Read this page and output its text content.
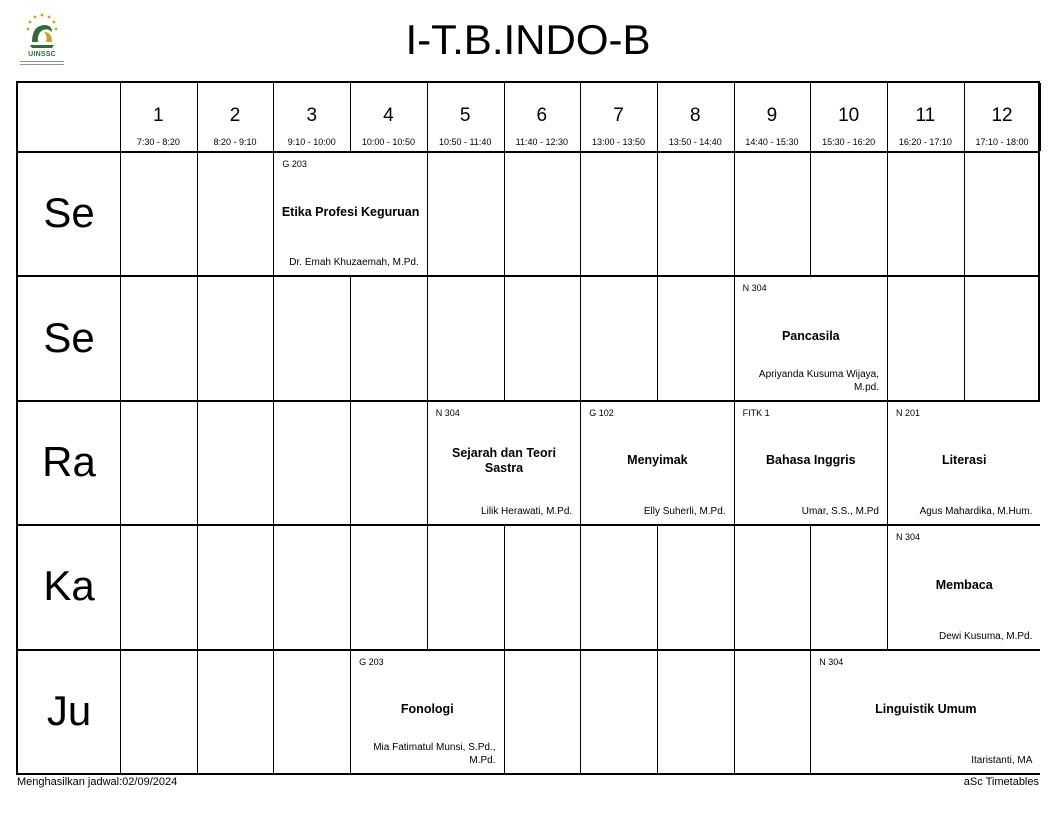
UINSSC	I-T.B.INDO-B
1
7:30 - 8:20
2
8:20 - 9:10
3
9:10 - 10:00
4
10:00 - 10:50
5
10:50 - 11:40
6
11:40 - 12:30
7
13:00 - 13:50
8
13:50 - 14:40
9
14:40 - 15:30
10
15:30 - 16:20
11
16:20 - 17:10
12
17:10 - 18:00
Se
Se
Ra
Ka
Ju
G 203
Etika Profesi Keguruan
Dr. Emah Khuzaemah, M.Pd.
N 304
Pancasila
Apriyanda Kusuma Wijaya, M.pd.
N 304
Sejarah dan Teori Sastra
Lilik Herawati, M.Pd.
G 102
Menyimak
Elly Suherli, M.Pd.
FITK 1
Bahasa Inggris
Umar, S.S., M.Pd
N 201
Literasi
Agus Mahardika, M.Hum.
N 304
Membaca
Dewi Kusuma, M.Pd.
G 203
Fonologi
Mia Fatimatul Munsi, S.Pd., M.Pd.
N 304
Linguistik Umum
Itaristanti, MA
Menghasilkan jadwal:02/09/2024	aSc Timetables
